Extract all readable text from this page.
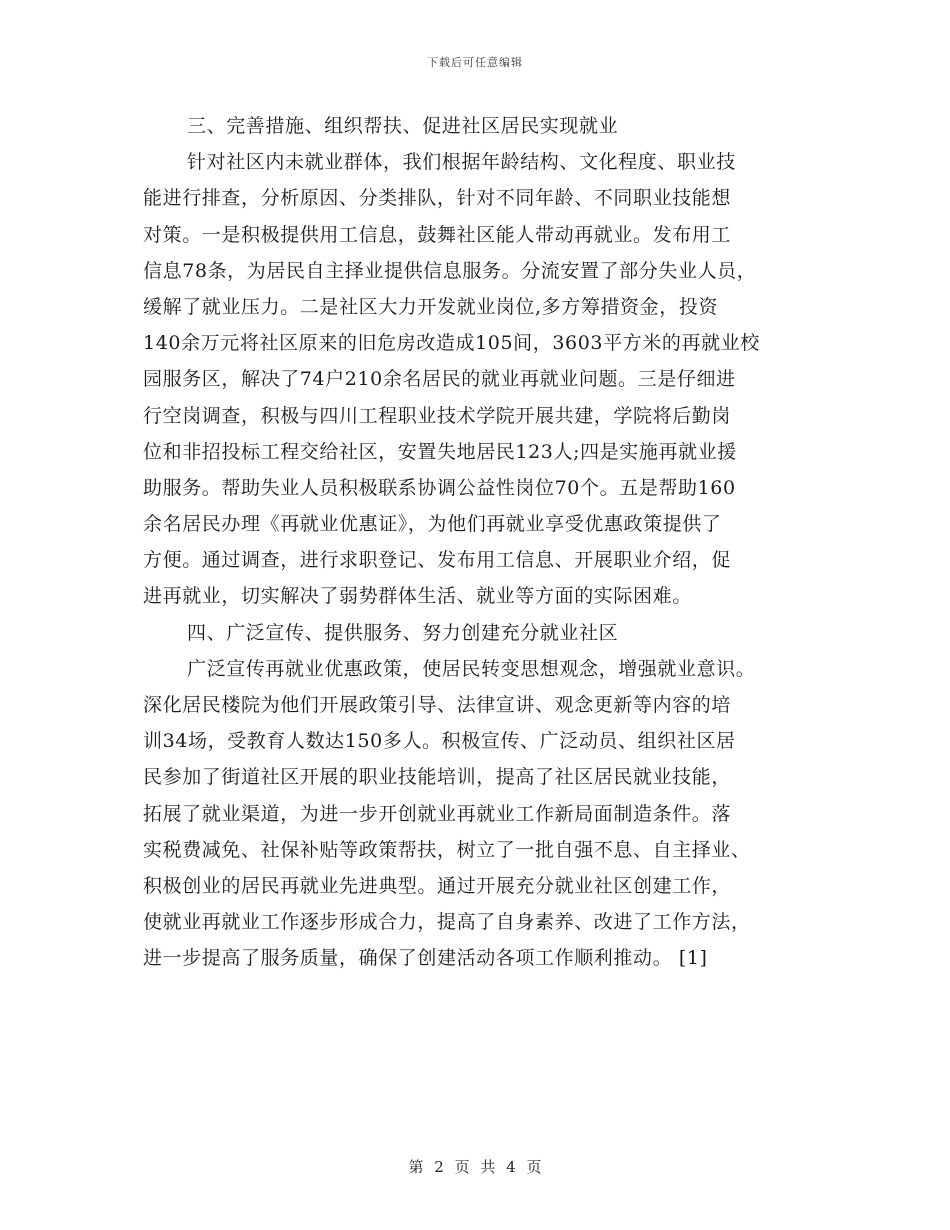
下载后可任意编辑
三、完善措施、组织帮扶、促进社区居民实现就业
针对社区内未就业群体，我们根据年龄结构、文化程度、职业技
能进行排查，分析原因、分类排队，针对不同年龄、不同职业技能想
对策。一是积极提供用工信息，鼓舞社区能人带动再就业。发布用工
信息78条，为居民自主择业提供信息服务。分流安置了部分失业人员，
缓解了就业压力。二是社区大力开发就业岗位,多方筹措资金，投资
140余万元将社区原来的旧危房改造成105间，3603平方米的再就业校
园服务区，解决了74户210余名居民的就业再就业问题。三是仔细进
行空岗调查，积极与四川工程职业技术学院开展共建，学院将后勤岗
位和非招投标工程交给社区，安置失地居民123人;四是实施再就业援
助服务。帮助失业人员积极联系协调公益性岗位70个。五是帮助160
余名居民办理《再就业优惠证》，为他们再就业享受优惠政策提供了
方便。通过调查，进行求职登记、发布用工信息、开展职业介绍，促
进再就业，切实解决了弱势群体生活、就业等方面的实际困难。
四、广泛宣传、提供服务、努力创建充分就业社区
广泛宣传再就业优惠政策，使居民转变思想观念，增强就业意识。
深化居民楼院为他们开展政策引导、法律宣讲、观念更新等内容的培
训34场，受教育人数达150多人。积极宣传、广泛动员、组织社区居
民参加了街道社区开展的职业技能培训，提高了社区居民就业技能，
拓展了就业渠道，为进一步开创就业再就业工作新局面制造条件。落
实税费减免、社保补贴等政策帮扶，树立了一批自强不息、自主择业、
积极创业的居民再就业先进典型。通过开展充分就业社区创建工作，
使就业再就业工作逐步形成合力，提高了自身素养、改进了工作方法，
进一步提高了服务质量，确保了创建活动各项工作顺利推动。 [1]
第 2 页 共 4 页
